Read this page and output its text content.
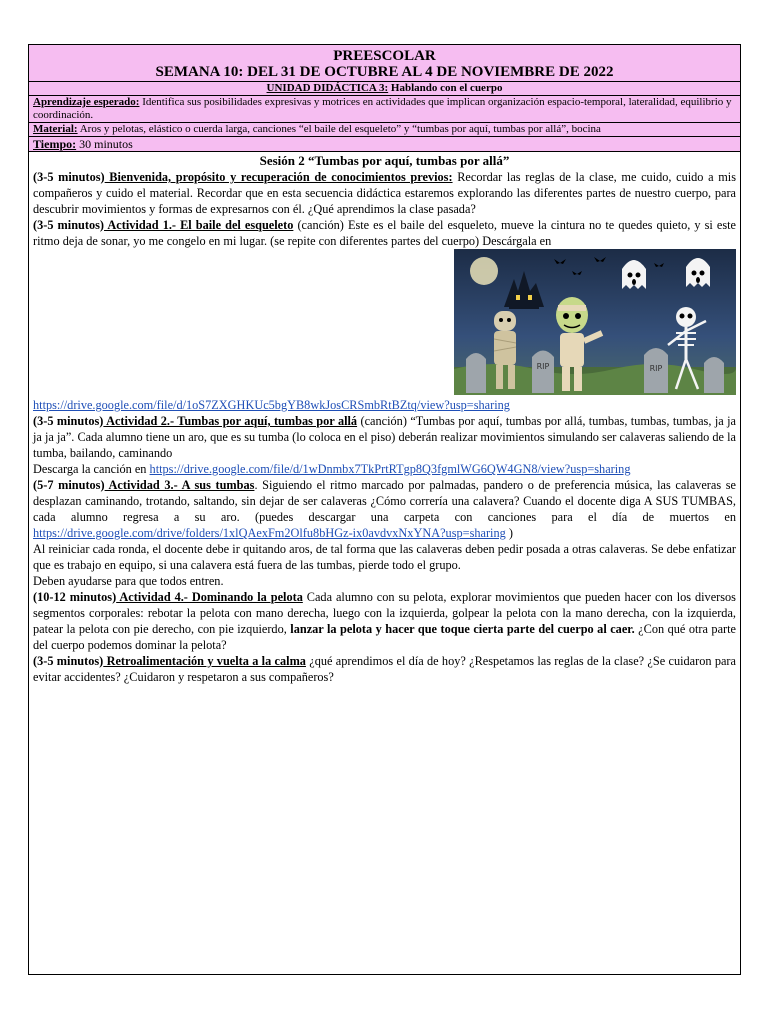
PREESCOLAR
SEMANA 10: DEL 31 DE OCTUBRE AL 4 DE NOVIEMBRE DE 2022
UNIDAD DIDÁCTICA 3: Hablando con el cuerpo
Aprendizaje esperado: Identifica sus posibilidades expresivas y motrices en actividades que implican organización espacio-temporal, lateralidad, equilibrio y coordinación.
Material: Aros y pelotas, elástico o cuerda larga, canciones “el baile del esqueleto” y “tumbas por aquí, tumbas por allá”, bocina
Tiempo: 30 minutos
Sesión 2 “Tumbas por aquí, tumbas por allá”

(3-5 minutos) Bienvenida, propósito y recuperación de conocimientos previos: Recordar las reglas de la clase, me cuido, cuido a mis compañeros y cuido el material. Recordar que en esta secuencia didáctica estaremos explorando las diferentes partes de nuestro cuerpo, para descubrir movimientos y formas de expresarnos con él. ¿Qué aprendimos la clase pasada?

(3-5 minutos) Actividad 1.- El baile del esqueleto (canción) Este es el baile del esqueleto, mueve la cintura no te quedes quieto, y si este ritmo deja de sonar, yo me congelo en mi lugar. (se repite con diferentes partes del cuerpo) Descárgala en

RIP	RIP

https://drive.google.com/file/d/1oS7ZXGHKUc5bgYB8wkJosCRSmbRtBZtq/view?usp=sharing

(3-5 minutos) Actividad 2.- Tumbas por aquí, tumbas por allá (canción) “Tumbas por aquí, tumbas por allá, tumbas, tumbas, tumbas, ja ja ja ja ja”. Cada alumno tiene un aro, que es su tumba (lo coloca en el piso) deberán realizar movimientos simulando ser calaveras saliendo de la tumba, bailando, caminando

Descarga la canción en https://drive.google.com/file/d/1wDnmbx7TkPrtRTgp8Q3fgmlWG6QW4GN8/view?usp=sharing

(5-7 minutos) Actividad 3.- A sus tumbas. Siguiendo el ritmo marcado por palmadas, pandero o de preferencia música, las calaveras se desplazan caminando, trotando, saltando, sin dejar de ser calaveras ¿Cómo correría una calavera? Cuando el docente diga A SUS TUMBAS, cada alumno regresa a su aro. (puedes descargar una carpeta con canciones para el día de muertos en https://drive.google.com/drive/folders/1xlQAexFm2Olfu8bHGz-ix0avdvxNxYNA?usp=sharing )

Al reiniciar cada ronda, el docente debe ir quitando aros, de tal forma que las calaveras deben pedir posada a otras calaveras. Se debe enfatizar que es trabajo en equipo, si una calavera está fuera de las tumbas, pierde todo el grupo.

Deben ayudarse para que todos entren.

(10-12 minutos) Actividad 4.- Dominando la pelota Cada alumno con su pelota, explorar movimientos que pueden hacer con los diversos segmentos corporales: rebotar la pelota con mano derecha, luego con la izquierda, golpear la pelota con la mano derecha, con la izquierda, patear la pelota con pie derecho, con pie izquierdo, lanzar la pelota y hacer que toque cierta parte del cuerpo al caer. ¿Con qué otra parte del cuerpo podemos dominar la pelota?

(3-5 minutos) Retroalimentación y vuelta a la calma ¿qué aprendimos el día de hoy? ¿Respetamos las reglas de la clase? ¿Se cuidaron para evitar accidentes? ¿Cuidaron y respetaron a sus compañeros?
